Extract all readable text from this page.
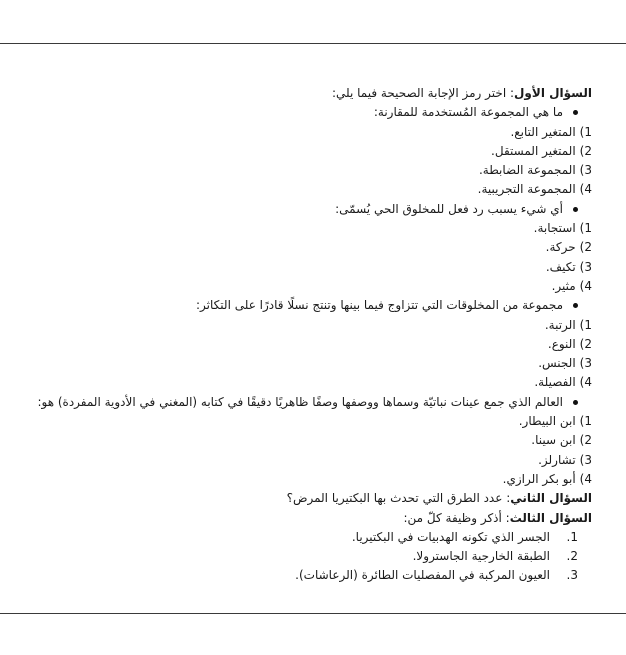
السؤال الأول: اختر رمز الإجابة الصحيحة فيما يلي:
ما هي المجموعة المُستخدمة للمقارنة:
1)المتغير التابع.
2)المتغير المستقل.
3)المجموعة الضابطة.
4)المجموعة التجريبية.
أي شيء يسبب رد فعل للمخلوق الحي يُسمّى:
1)استجابة.
2)حركة.
3)تكيف.
4)مثير.
مجموعة من المخلوقات التي تتزاوج فيما بينها وتنتج نسلًا قادرًا على التكاثر:
1)الرتبة.
2)النوع.
3)الجنس.
4)الفصيلة.
العالم الذي جمع عينات نباتيّة وسماها ووصفها وصفًا ظاهريًا دقيقًا في كتابه (المغني في الأدوية المفردة) هو:
1)ابن البيطار.
2)ابن سينا.
3)تشارلز.
4)أبو بكر الرازي.
السؤال الثاني: عدد الطرق التي تحدث بها البكتيريا المرض؟
السؤال الثالث: أذكر وظيفة كلّ من:
1.الجسر الذي تكونه الهدبيات في البكتيريا.
2.الطبقة الخارجية الجاسترولا.
3.العيون المركبة في المفصليات الطائرة (الرعاشات).
